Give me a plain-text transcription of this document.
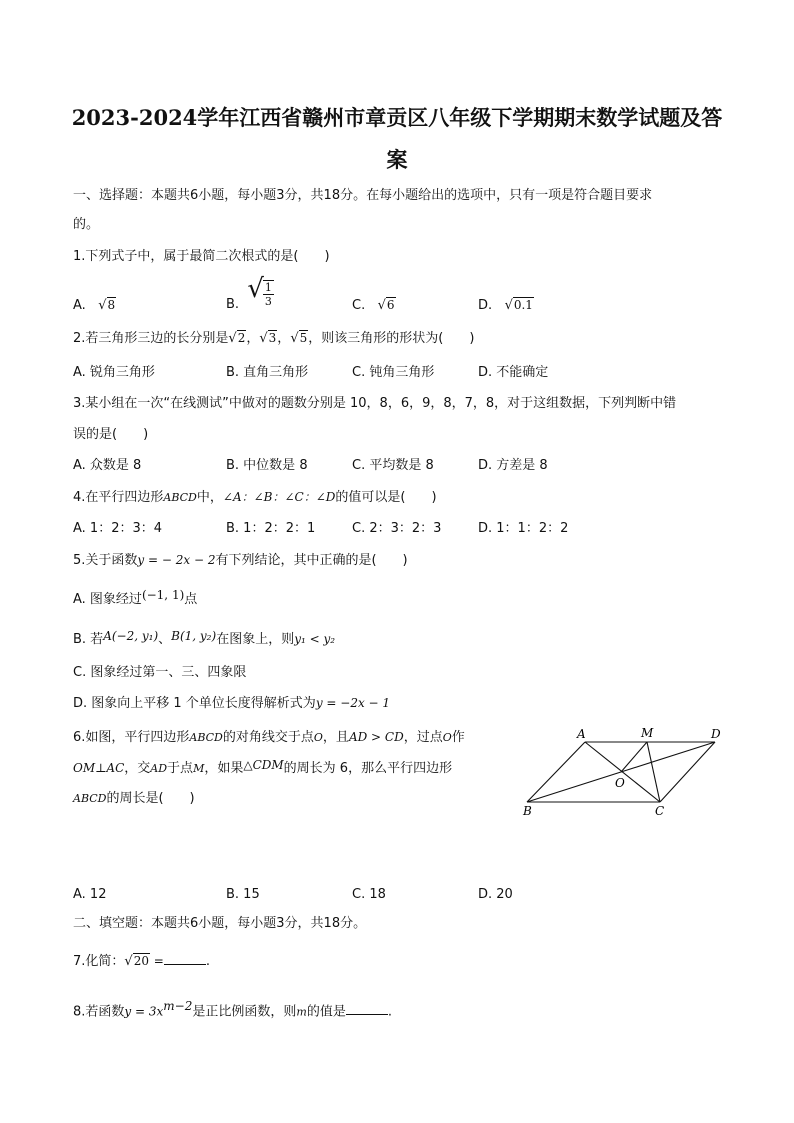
2023-2024学年江西省赣州市章贡区八年级下学期期末数学试题及答
案
一、选择题：本题共6小题，每小题3分，共18分。在每小题给出的选项中，只有一项是符合题目要求
的。
1.下列式子中，属于最简二次根式的是(　　)
A. √8	B.  √ $\frac{1}{3}$	C. √6	D. √0.1
2.若三角形三边的长分别是√2，√3，√5，则该三角形的形状为(　　)
A. 锐角三角形	B. 直角三角形	C. 钝角三角形	D. 不能确定
3.某小组在一次“在线测试”中做对的题数分别是 10，8，6，9，8，7，8，对于这组数据，下列判断中错
误的是(　　)
A. 众数是 8	B. 中位数是 8	C. 平均数是 8	D. 方差是 8
4.在平行四边形ABCD中，∠A：∠B：∠C：∠D的值可以是(　　)
A. 1：2：3：4	B. 1：2：2：1	C. 2：3：2：3	D. 1：1：2：2
5.关于函数y = − 2x − 2有下列结论，其中正确的是(　　)
A. 图象经过(−1, 1)点
B. 若A(−2, y₁)、B(1, y₂)在图象上，则y₁ < y₂
C. 图象经过第一、三、四象限
D. 图象向上平移 1 个单位长度得解析式为y = −2x − 1
6.如图，平行四边形ABCD的对角线交于点O，且AD > CD，过点O作
OM⊥AC，交AD于点M，如果△CDM的周长为 6，那么平行四边形
ABCD的周长是(　　)
A	M	D
O
B	C
A. 12	B. 15	C. 18	D. 20
二、填空题：本题共6小题，每小题3分，共18分。
7.化简：√20 =	.
8.若函数$y = 3x^{m-2}$是正比例函数，则m的值是	.
